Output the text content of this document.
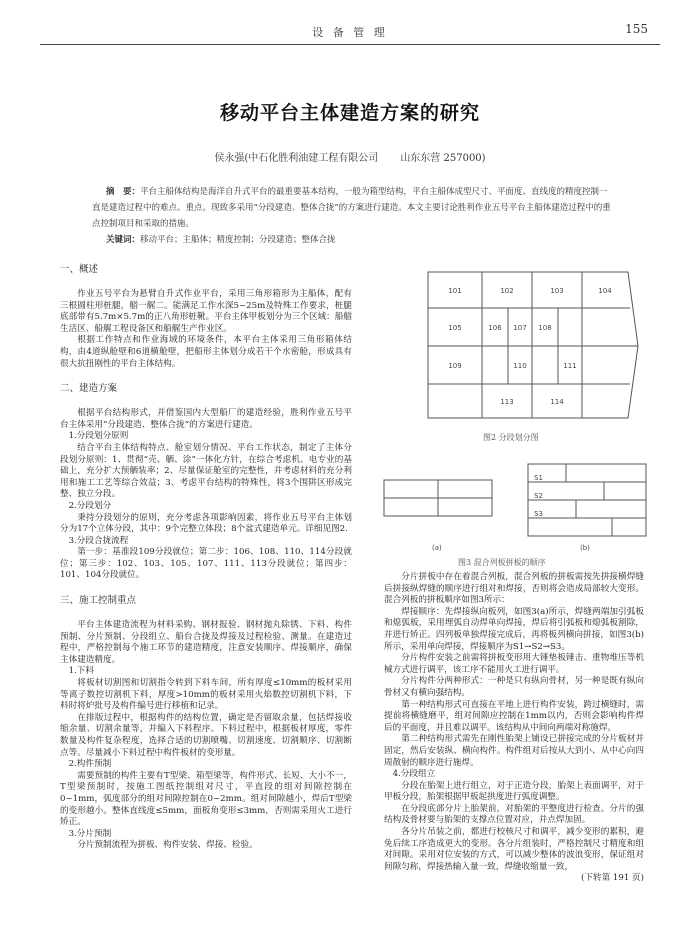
设 备 管 理	155
移动平台主体建造方案的研究
侯永强(中石化胜利油建工程有限公司 山东东营 257000)
摘　要：平台主船体结构是海洋自升式平台的最重要基本结构，一般为箱型结构，平台主船体成型尺寸、平面度、直线度的精度控制一直是建造过程中的难点、重点。现致多采用“分段建造、整体合拢”的方案进行建造。本文主要讨论胜利作业五号平台主船体建造过程中的重点控制项目和采取的措施。
关键词：移动平台；主船体；精度控制；分段建造；整体合拢
一、概述

作业五号平台为悬臂自升式作业平台，采用三角形箱形为主船体，配有三根圆柱形桩腿，艏一艉二。能满足工作水深5~25m及特殊工作要求，桩腿底部带有5.7m×5.7m的正八角形桩靴。平台主体甲板划分为三个区域：船艏生活区、船艉工程设备区和船艉生产作业区。

根据工作特点和作业海域的环境条件，本平台主体采用三角形箱体结构，由4道纵舱壁和6道横舱壁，把船形主体划分成若干个水密舱，形成具有很大抗扭刚性的平台主体结构。

二、建造方案

根据平台结构形式，并借鉴国内大型船厂的建造经验，胜利作业五号平台主体采用“分段建造、整体合拢”的方案进行建造。

1.分段划分原则

结合平台主体结构特点、舱室划分情况、平台工作状态，制定了主体分段划分原则：1、贯彻“壳、舾、涂”一体化方针，在综合考虑机、电专业的基础上，充分扩大预舾装率；2、尽量保证舱室的完整性，并考虑材料的充分利用和施工工艺等综合效益；3、考虑平台结构的特殊性，将3个围阱区形成完整、独立分段。

2.分段划分

秉持分段划分的原则，充分考虑各项影响因素，将作业五号平台主体划分为17个立体分段，其中：9个完整立体段；8个盆式建造单元。详细见图2.

3.分段合拢流程

第一步：基准段109分段就位；第二步：106、108、110、114分段就位；第三步：102、103、105、107、111、113分段就位；第四步：101、104分段就位。

三、施工控制重点

平台主体建造流程为材料采购、钢材报验、钢材抛丸除锈、下料、构件预制、分片预制、分段组立、船台合拢及焊接及过程检验、测量。在建造过程中，严格控制每个施工环节的建造精度，注意安装顺序、焊接顺序，确保主体建造精度。

1.下料

将板材切割图和切割指令转到下料车间，所有厚度≤10mm的板材采用等离子数控切割机下料，厚度>10mm的板材采用火焰数控切割机下料，下料时将炉批号及构件编号进行移植和记录。

在排版过程中，根据构件的结构位置，确定是否留取余量，包括焊接收缩余量、切割余量等，并编入下料程序。下料过程中，根据板材厚度，零件数量及构件复杂程度，选择合适的切割喷嘴、切割速度、切割顺序、切割断点等。尽量减小下料过程中构件板材的变形量。

2.构件预制

需要预制的构件主要有T型梁、箱型梁等，构件形式、长短、大小不一，T型梁预制时，按施工图纸控制组对尺寸，平直段的组对间隙控制在0~1mm，弧度部分的组对间隙控制在0~2mm。组对间隙越小，焊后T型梁的变形越小。整体直线度≤5mm，面板角变形≤3mm，否则需采用火工进行矫正。

3.分片预制

分片预制流程为拼板、构件安装、焊接、检验。

101	102	103	104
105	106 107 108
109	110	111
113	114
图2 分段划分图
(a)	(b)
S1
S2
S3
图3 混合列板拼板的顺序

分片拼板中存在着混合列板，混合列板的拼板需按先拼接横焊缝后拼接纵焊缝的顺序进行组对和焊接，否则将会造成局部较大变形。混合列板的拼板顺序如图3所示：

焊接顺序：先焊接纵向板列，如图3(a)所示，焊缝两端加引弧板和熄弧板，采用埋弧自动焊单向焊接，焊后将引弧板和熄弧板割除，并进行矫正。四列板单独焊接完成后，再将板列横向拼接，如图3(b)所示，采用单向焊接，焊接顺序为S1→S2→S3。

分片构件安装之前需将拼板变形用大锤垫板锤击、重物堆压等机械方式进行调平，该工序不能用火工进行调平。

分片构件分两种形式：一种是只有纵向骨材，另一种是既有纵向骨材又有横向强结构。

第一种结构形式可直接在平地上进行构件安装，跨过横缝时，需提前将横缝磨平，组对间隙应控制在1mm以内，否则会影响构件焊后的平面度，并且难以调平。该结构从中间向两端对称施焊。

第二种结构形式需先在刚性胎架上铺设已拼接完成的分片板材并固定，然后安装纵、横向构件。构件组对后按从大到小、从中心向四周散射的顺序进行施焊。

4.分段组立

分段在胎架上进行组立，对于正造分段，胎架上表面调平，对于甲板分段，胎架根据甲板起拱度进行弧度调整。

在分段底部分片上胎架前，对胎架的平整度进行检查。分片的强结构及骨材要与胎架的支撑点位置对应，并点焊加固。

各分片吊装之前，都进行校核尺寸和调平，减少变形的累积，避免后续工序造成更大的变形。各分片组装时，严格控制尺寸精度和组对间隙。采用对位安装的方式，可以减少整体的波浪变形，保证组对间隙匀称，焊接热输入量一致，焊缝收缩量一致，

(下转第 191 页)
